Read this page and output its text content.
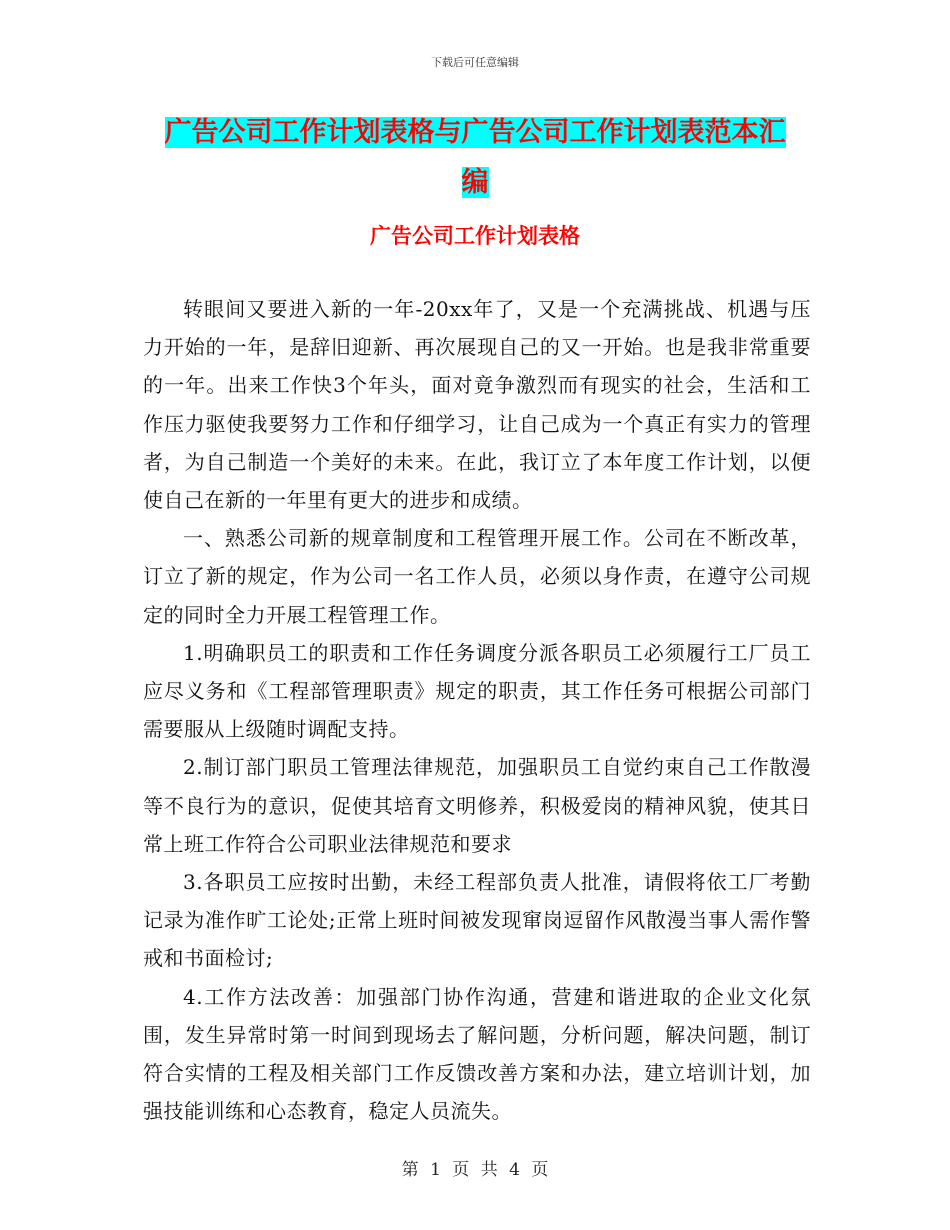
下载后可任意编辑
广告公司工作计划表格与广告公司工作计划表范本汇
编
广告公司工作计划表格

转眼间又要进入新的一年-20xx年了，又是一个充满挑战、机遇与压力开始的一年，是辞旧迎新、再次展现自己的又一开始。也是我非常重要的一年。出来工作快3个年头，面对竟争激烈而有现实的社会，生活和工作压力驱使我要努力工作和仔细学习，让自己成为一个真正有实力的管理者，为自己制造一个美好的未来。在此，我订立了本年度工作计划，以便使自己在新的一年里有更大的进步和成绩。

一、熟悉公司新的规章制度和工程管理开展工作。公司在不断改革，订立了新的规定，作为公司一名工作人员，必须以身作责，在遵守公司规定的同时全力开展工程管理工作。

1.明确职员工的职责和工作任务调度分派各职员工必须履行工厂员工应尽义务和《工程部管理职责》规定的职责，其工作任务可根据公司部门需要服从上级随时调配支持。

2.制订部门职员工管理法律规范，加强职员工自觉约束自己工作散漫等不良行为的意识，促使其培育文明修养，积极爱岗的精神风貌，使其日常上班工作符合公司职业法律规范和要求

3.各职员工应按时出勤，未经工程部负责人批准，请假将依工厂考勤记录为准作旷工论处;正常上班时间被发现窜岗逗留作风散漫当事人需作警戒和书面检讨;

4.工作方法改善：加强部门协作沟通，营建和谐进取的企业文化氛围，发生异常时第一时间到现场去了解问题，分析问题，解决问题，制订符合实情的工程及相关部门工作反馈改善方案和办法，建立培训计划，加强技能训练和心态教育，稳定人员流失。

第 1 页 共 4 页
